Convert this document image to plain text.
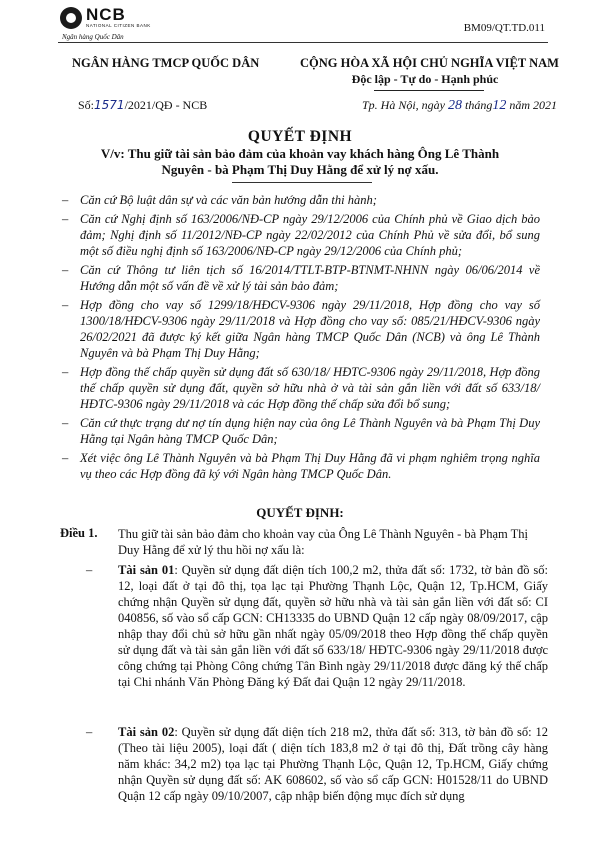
NCB
NATIONAL CITIZEN BANK
Ngân hàng Quốc Dân
BM09/QT.TD.011
NGÂN HÀNG TMCP QUỐC DÂN	CỘNG HÒA XÃ HỘI CHỦ NGHĨA VIỆT NAM
Độc lập - Tự do - Hạnh phúc
Số:1571/2021/QĐ - NCB	Tp. Hà Nội, ngày 28 tháng12 năm 2021
QUYẾT ĐỊNH
V/v: Thu giữ tài sản bảo đảm của khoản vay khách hàng Ông Lê Thành Nguyên - bà Phạm Thị Duy Hằng để xử lý nợ xấu.
– Căn cứ Bộ luật dân sự và các văn bản hướng dẫn thi hành;
– Căn cứ Nghị định số 163/2006/NĐ-CP ngày 29/12/2006 của Chính phủ về Giao dịch bảo đảm; Nghị định số 11/2012/NĐ-CP ngày 22/02/2012 của Chính Phủ về sửa đổi, bổ sung một số điều nghị định số 163/2006/NĐ-CP ngày 29/12/2006 của Chính phủ;
– Căn cứ Thông tư liên tịch số 16/2014/TTLT-BTP-BTNMT-NHNN ngày 06/06/2014 về Hướng dẫn một số vấn đề về xử lý tài sản bảo đảm;
– Hợp đồng cho vay số 1299/18/HĐCV-9306 ngày 29/11/2018, Hợp đồng cho vay số 1300/18/HĐCV-9306 ngày 29/11/2018 và Hợp đồng cho vay số: 085/21/HĐCV-9306 ngày 26/02/2021 đã được ký kết giữa Ngân hàng TMCP Quốc Dân (NCB) và ông Lê Thành Nguyên và bà Phạm Thị Duy Hằng;
– Hợp đồng thế chấp quyền sử dụng đất số 630/18/ HĐTC-9306 ngày 29/11/2018, Hợp đồng thế chấp quyền sử dụng đất, quyền sở hữu nhà ở và tài sản gắn liền với đất số 633/18/ HĐTC-9306 ngày 29/11/2018 và các Hợp đồng thế chấp sửa đổi bổ sung;
– Căn cứ thực trạng dư nợ tín dụng hiện nay của ông Lê Thành Nguyên và bà Phạm Thị Duy Hằng tại Ngân hàng TMCP Quốc Dân;
– Xét việc ông Lê Thành Nguyên và bà Phạm Thị Duy Hằng đã vi phạm nghiêm trọng nghĩa vụ theo các Hợp đồng đã ký với Ngân hàng TMCP Quốc Dân.
QUYẾT ĐỊNH:
Điều 1. Thu giữ tài sản bảo đảm cho khoản vay của Ông Lê Thành Nguyên - bà Phạm Thị Duy Hằng để xử lý thu hồi nợ xấu là:
– Tài sản 01: Quyền sử dụng đất diện tích 100,2 m2, thửa đất số: 1732, tờ bản đồ số: 12, loại đất ở tại đô thị, tọa lạc tại Phường Thạnh Lộc, Quận 12, Tp.HCM, Giấy chứng nhận Quyền sử dụng đất, quyền sở hữu nhà và tài sản gắn liền với đất số: CI 040856, số vào sổ cấp GCN: CH13335 do UBND Quận 12 cấp ngày 08/09/2017, cập nhập thay đổi chủ sở hữu gần nhất ngày 05/09/2018 theo Hợp đồng thế chấp quyền sử dụng đất và tài sản gắn liền với đất số 633/18/ HĐTC-9306 ngày 29/11/2018 được công chứng tại Phòng Công chứng Tân Bình ngày 29/11/2018 được đăng ký thế chấp tại Chi nhánh Văn Phòng Đăng ký Đất đai Quận 12 ngày 29/11/2018.
– Tài sản 02: Quyền sử dụng đất diện tích 218 m2, thửa đất số: 313, tờ bản đồ số: 12 (Theo tài liệu 2005), loại đất ( diện tích 183,8 m2 ở tại đô thị, Đất trồng cây hàng năm khác: 34,2 m2) tọa lạc tại Phường Thạnh Lộc, Quận 12, Tp.HCM, Giấy chứng nhận Quyền sử dụng đất số: AK 608602, số vào sổ cấp GCN: H01528/11 do UBND Quận 12 cấp ngày 09/10/2007, cập nhập biến động mục đích sử dụng
